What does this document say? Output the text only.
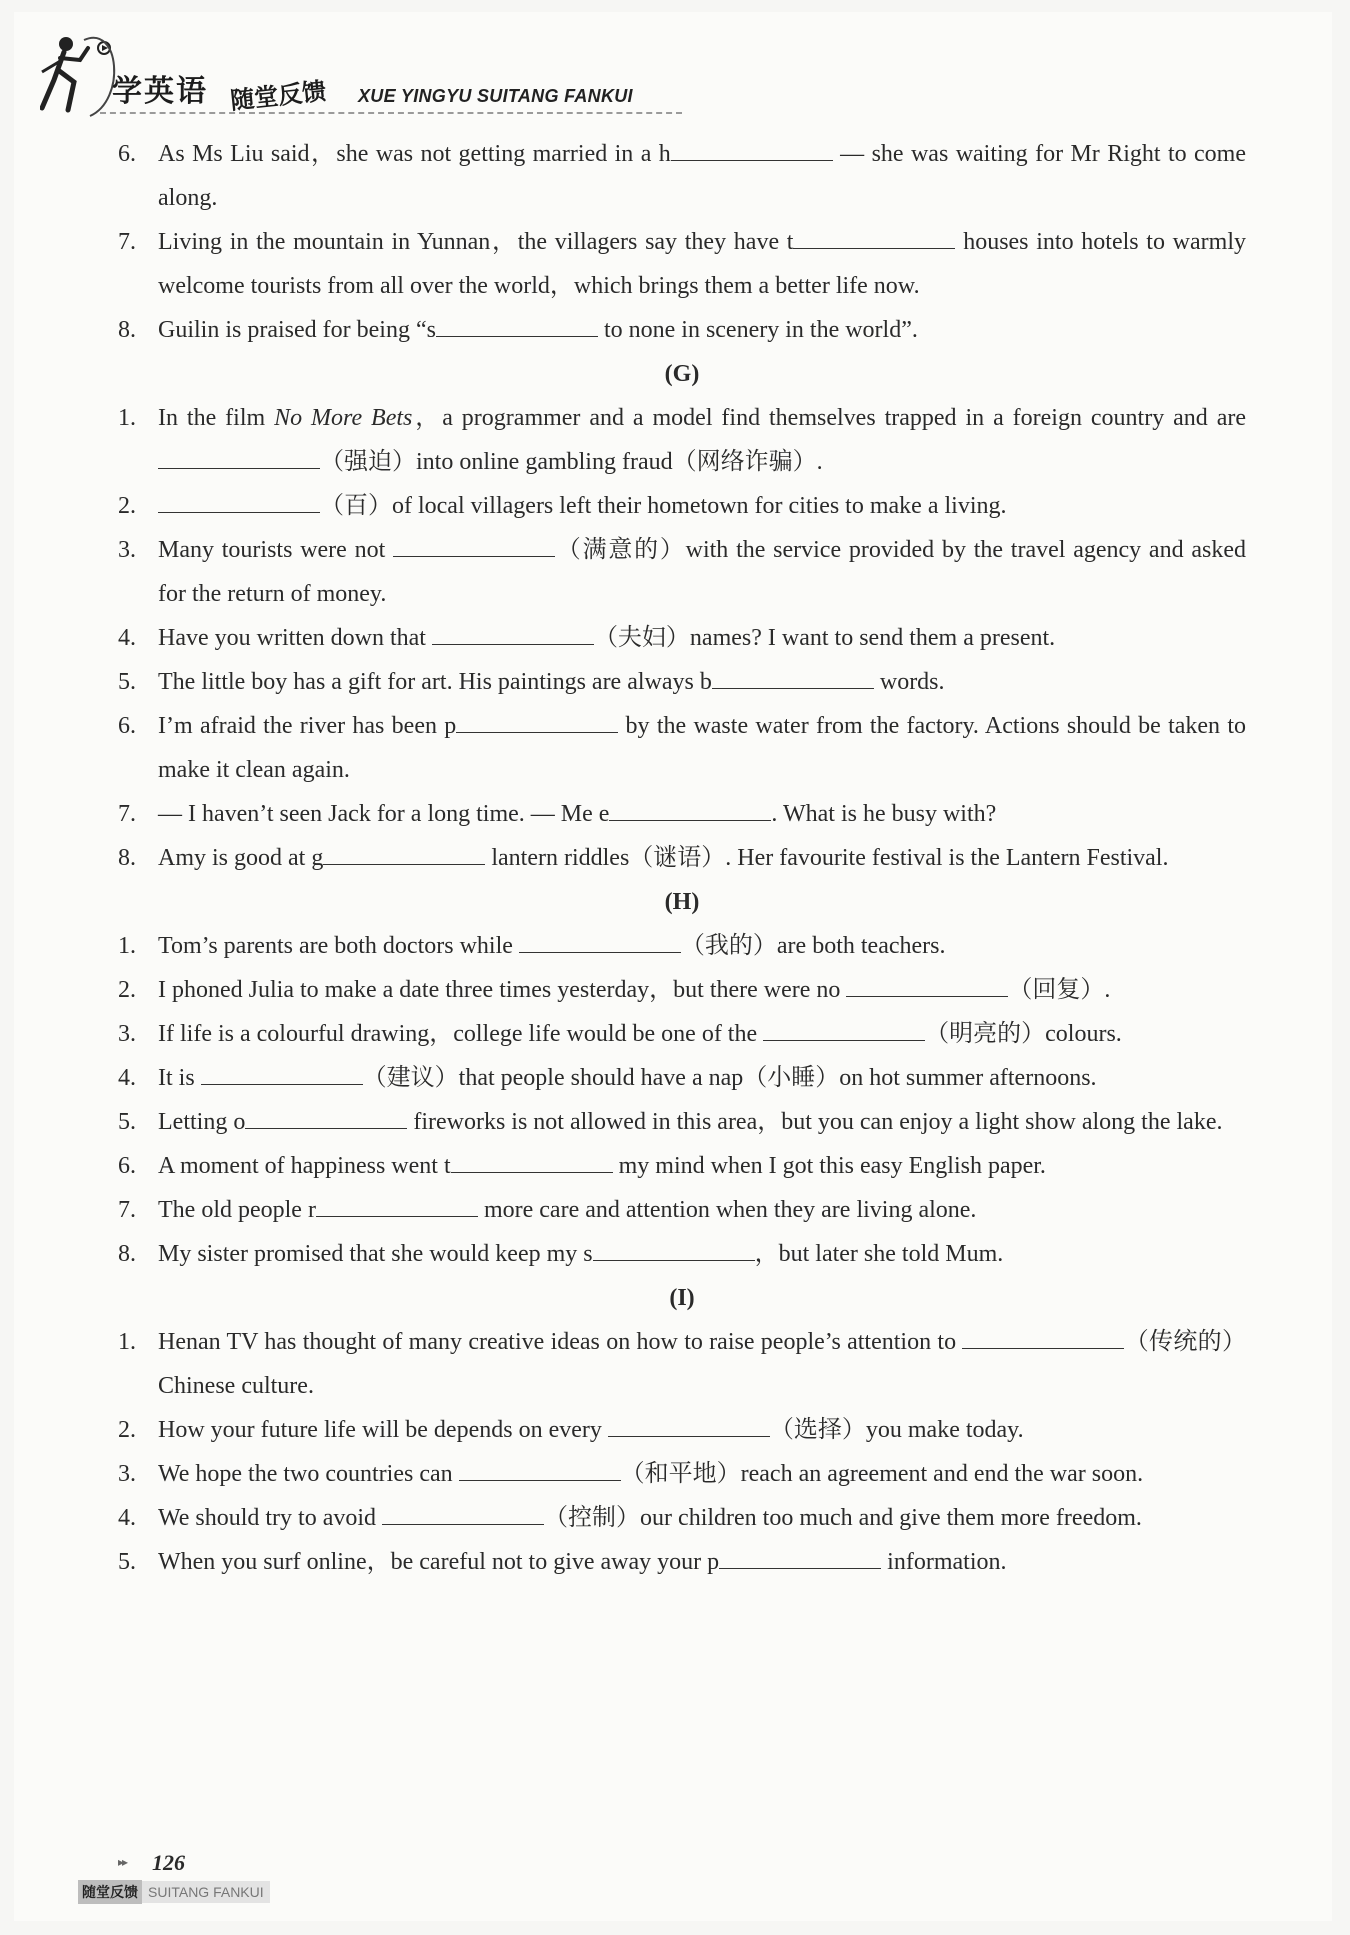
学英语 随堂反馈 XUE YINGYU SUITANG FANKUI
6. As Ms Liu said，she was not getting married in a h	— she was waiting for Mr Right to come along.
7. Living in the mountain in Yunnan，the villagers say they have t	houses into hotels to warmly welcome tourists from all over the world，which brings them a better life now.
8. Guilin is praised for being “s	to none in scenery in the world”.
(G)
1. In the film No More Bets，a programmer and a model find themselves trapped in a foreign country and are （强迫）into online gambling fraud（网络诈骗）.
2.	（百）of local villagers left their hometown for cities to make a living.
3. Many tourists were not	（满意的）with the service provided by the travel agency and asked for the return of money.
4. Have you written down that	（夫妇）names? I want to send them a present.
5. The little boy has a gift for art. His paintings are always b	words.
6. I’m afraid the river has been p	by the waste water from the factory. Actions should be taken to make it clean again.
7. — I haven’t seen Jack for a long time. — Me e	. What is he busy with?
8. Amy is good at g	lantern riddles（谜语）. Her favourite festival is the Lantern Festival.
(H)
1. Tom’s parents are both doctors while	（我的）are both teachers.
2. I phoned Julia to make a date three times yesterday，but there were no	（回复）.
3. If life is a colourful drawing，college life would be one of the	（明亮的）colours.
4. It is	（建议）that people should have a nap（小睡）on hot summer afternoons.
5. Letting o	fireworks is not allowed in this area，but you can enjoy a light show along the lake.
6. A moment of happiness went t	my mind when I got this easy English paper.
7. The old people r	more care and attention when they are living alone.
8. My sister promised that she would keep my s	，but later she told Mum.
(I)
1. Henan TV has thought of many creative ideas on how to raise people’s attention to	（传统的）Chinese culture.
2. How your future life will be depends on every	（选择）you make today.
3. We hope the two countries can	（和平地）reach an agreement and end the war soon.
4. We should try to avoid	（控制）our children too much and give them more freedom.
5. When you surf online，be careful not to give away your p	information.
▸▸ 126
随堂反馈 SUITANG FANKUI
